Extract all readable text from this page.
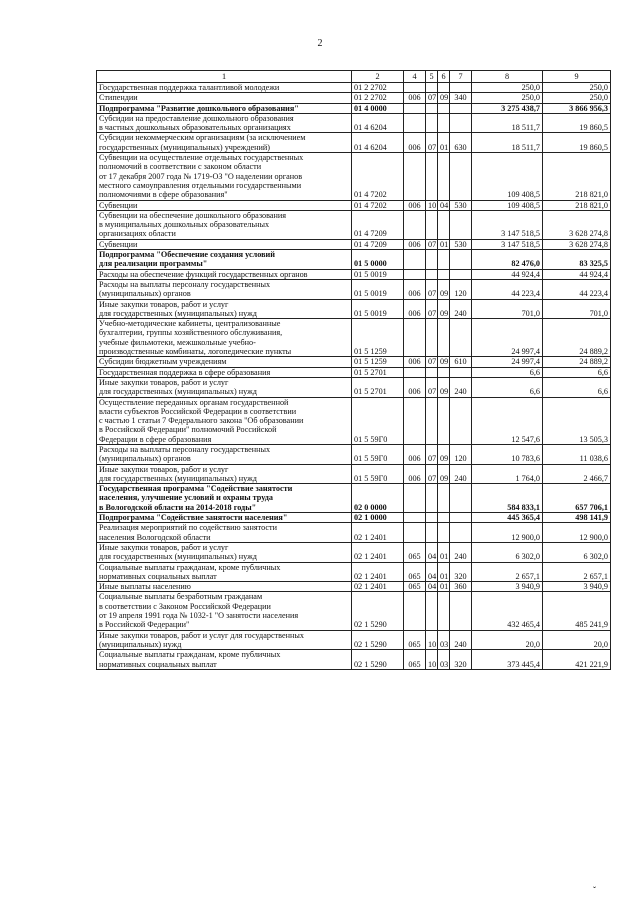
2
1	2	4	5	6	7	8	9
Государственная поддержка талантливой молодежи	01 2 2702					250,0	250,0
Стипендии	01 2 2702	006	07	09	340	250,0	250,0
Подпрограмма "Развитие дошкольного образования"	01 4 0000					3 275 438,7	3 866 956,3
Субсидии на предоставление дошкольного образования
в частных дошкольных образовательных организациях	01 4 6204					18 511,7	19 860,5
Субсидии некоммерческим организациям (за исключением
государственных (муниципальных) учреждений)	01 4 6204	006	07	01	630	18 511,7	19 860,5
Субвенции на осуществление отдельных государственных
полномочий в соответствии с законом области
от 17 декабря 2007 года № 1719-ОЗ "О наделении органов
местного самоуправления отдельными государственными
полномочиями в сфере образования"	01 4 7202					109 408,5	218 821,0
Субвенции	01 4 7202	006	10	04	530	109 408,5	218 821,0
Субвенции на обеспечение дошкольного образования
в муниципальных дошкольных образовательных
организациях области	01 4 7209					3 147 518,5	3 628 274,8
Субвенции	01 4 7209	006	07	01	530	3 147 518,5	3 628 274,8
Подпрограмма "Обеспечение создания условий
для реализации программы"	01 5 0000					82 476,0	83 325,5
Расходы на обеспечение функций государственных органов	01 5 0019					44 924,4	44 924,4
Расходы на выплаты персоналу государственных
(муниципальных) органов	01 5 0019	006	07	09	120	44 223,4	44 223,4
Иные закупки товаров, работ и услуг
для государственных (муниципальных) нужд	01 5 0019	006	07	09	240	701,0	701,0
Учебно-методические кабинеты, централизованные
бухгалтерии, группы хозяйственного обслуживания,
учебные фильмотеки, межшкольные учебно-
производственные комбинаты, логопедические пункты	01 5 1259					24 997,4	24 889,2
Субсидии бюджетным учреждениям	01 5 1259	006	07	09	610	24 997,4	24 889,2
Государственная поддержка в сфере образования	01 5 2701					6,6	6,6
Иные закупки товаров, работ и услуг
для государственных (муниципальных) нужд	01 5 2701	006	07	09	240	6,6	6,6
Осуществление переданных органам государственной
власти субъектов Российской Федерации в соответствии
с частью 1 статьи 7 Федерального закона "Об образовании
в Российской Федерации" полномочий Российской
Федерации в сфере образования	01 5 59Г0					12 547,6	13 505,3
Расходы на выплаты персоналу государственных
(муниципальных) органов	01 5 59Г0	006	07	09	120	10 783,6	11 038,6
Иные закупки товаров, работ и услуг
для государственных (муниципальных) нужд	01 5 59Г0	006	07	09	240	1 764,0	2 466,7
Государственная программа "Содействие занятости
населения, улучшение условий и охраны труда
в Вологодской области на 2014-2018 годы"	02 0 0000					584 833,1	657 706,1
Подпрограмма "Содействие занятости населения"	02 1 0000					445 365,4	498 141,9
Реализация мероприятий по содействию занятости
населения Вологодской области	02 1 2401					12 900,0	12 900,0
Иные закупки товаров, работ и услуг
для государственных (муниципальных) нужд	02 1 2401	065	04	01	240	6 302,0	6 302,0
Социальные выплаты гражданам, кроме публичных
нормативных социальных выплат	02 1 2401	065	04	01	320	2 657,1	2 657,1
Иные выплаты населению	02 1 2401	065	04	01	360	3 940,9	3 940,9
Социальные выплаты безработным гражданам
в соответствии с Законом Российской Федерации
от 19 апреля 1991 года № 1032-1 "О занятости населения
в Российской Федерации"	02 1 5290					432 465,4	485 241,9
Иные закупки товаров, работ и услуг для государственных
(муниципальных) нужд	02 1 5290	065	10	03	240	20,0	20,0
Социальные выплаты гражданам, кроме публичных
нормативных социальных выплат	02 1 5290	065	10	03	320	373 445,4	421 221,9
ˇ
